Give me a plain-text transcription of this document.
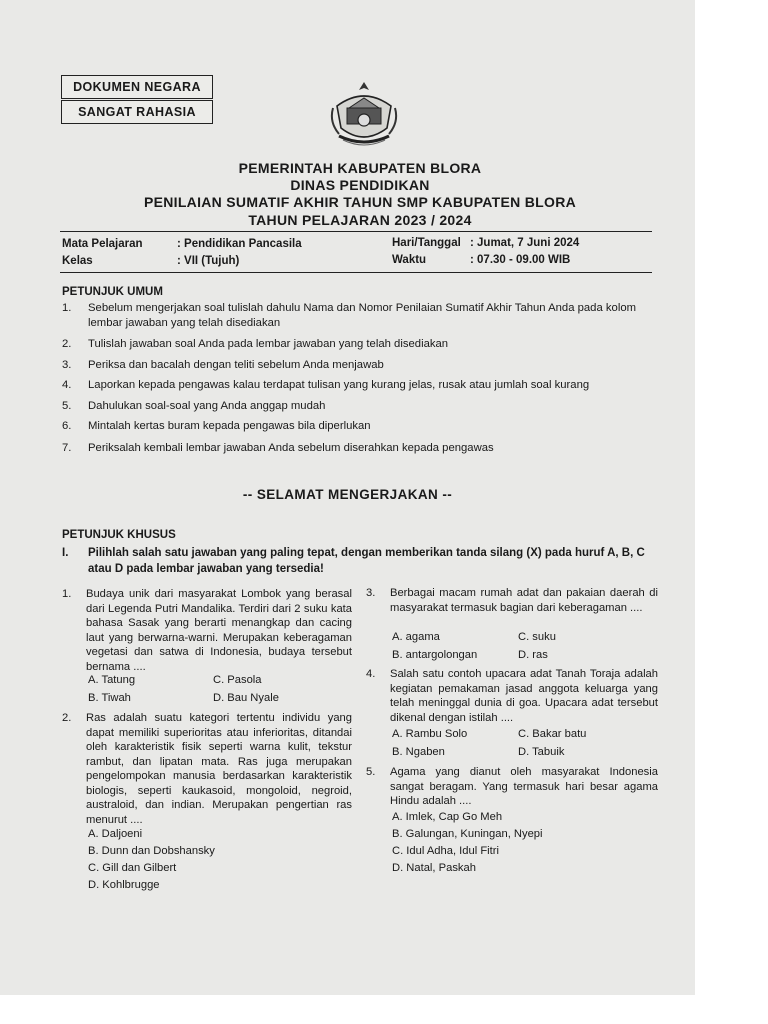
DOKUMEN NEGARA
SANGAT RAHASIA
PEMERINTAH KABUPATEN BLORA
DINAS PENDIDIKAN
PENILAIAN SUMATIF AKHIR TAHUN SMP KABUPATEN BLORA
TAHUN PELAJARAN 2023 / 2024
Mata Pelajaran	: Pendidikan Pancasila
Kelas	: VII (Tujuh)
Hari/Tanggal : Jumat, 7 Juni 2024
Waktu	: 07.30 - 09.00 WIB
PETUNJUK UMUM
1.	Sebelum mengerjakan soal tulislah dahulu Nama dan Nomor Penilaian Sumatif Akhir Tahun Anda pada kolom lembar jawaban yang telah disediakan
2.	Tulislah jawaban soal Anda pada lembar jawaban yang telah disediakan
3.	Periksa dan bacalah dengan teliti sebelum Anda menjawab
4.	Laporkan kepada pengawas kalau terdapat tulisan yang kurang jelas, rusak atau jumlah soal kurang
5.	Dahulukan soal-soal yang Anda anggap mudah
6.	Mintalah kertas buram kepada pengawas bila diperlukan
7.	Periksalah kembali lembar jawaban Anda sebelum diserahkan kepada pengawas
-- SELAMAT MENGERJAKAN --
PETUNJUK KHUSUS
I.	Pilihlah salah satu jawaban yang paling tepat, dengan memberikan tanda silang (X) pada huruf A, B, C atau D pada lembar jawaban yang tersedia!
1.	Budaya unik dari masyarakat Lombok yang berasal dari Legenda Putri Mandalika. Terdiri dari 2 suku kata bahasa Sasak yang berarti menangkap dan cacing laut yang berwarna-warni. Merupakan keberagaman vegetasi dan satwa di Indonesia, budaya tersebut bernama ....
A. Tatung	C. Pasola
B. Tiwah	D. Bau Nyale
2.	Ras adalah suatu kategori tertentu individu yang dapat memiliki superioritas atau inferioritas, ditandai oleh karakteristik fisik seperti warna kulit, tekstur rambut, dan lipatan mata. Ras juga merupakan pengelompokan manusia berdasarkan karakteristik biologis, seperti kaukasoid, mongoloid, negroid, australoid, dan indian. Merupakan pengertian ras menurut ....
A. Daljoeni
B. Dunn dan Dobshansky
C. Gill dan Gilbert
D. Kohlbrugge
3.	Berbagai macam rumah adat dan pakaian daerah di masyarakat termasuk bagian dari keberagaman ....
A. agama	C. suku
B. antargolongan	D. ras
4.	Salah satu contoh upacara adat Tanah Toraja adalah kegiatan pemakaman jasad anggota keluarga yang telah meninggal dunia di goa. Upacara adat tersebut dikenal dengan istilah ....
A. Rambu Solo	C. Bakar batu
B. Ngaben	D. Tabuik
5.	Agama yang dianut oleh masyarakat Indonesia sangat beragam. Yang termasuk hari besar agama Hindu adalah ....
A. Imlek, Cap Go Meh
B. Galungan, Kuningan, Nyepi
C. Idul Adha, Idul Fitri
D. Natal, Paskah
